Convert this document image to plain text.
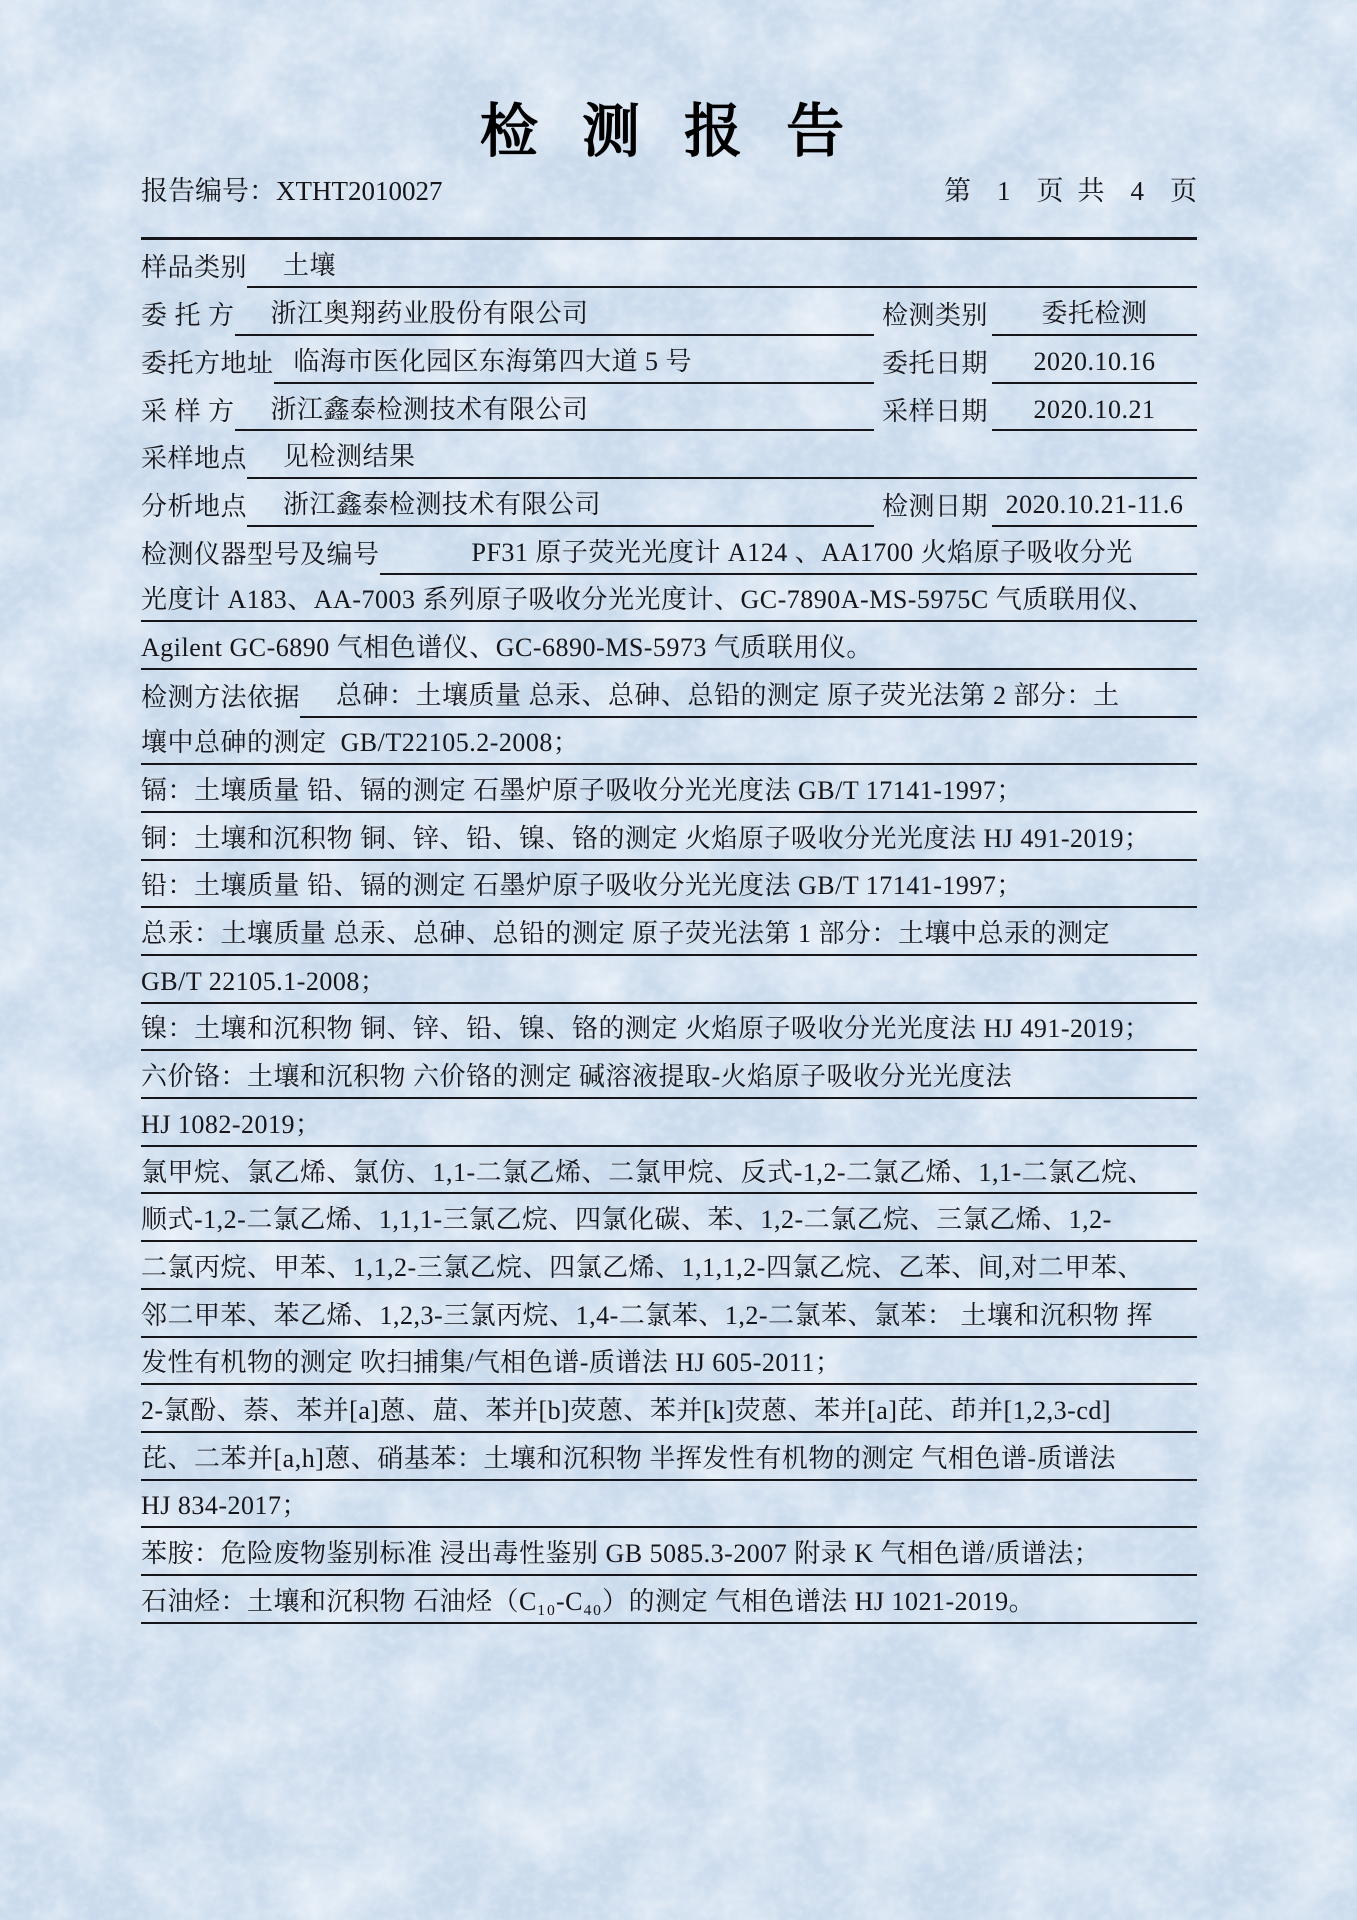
检 测 报 告
报告编号：XTHT2010027	第 1 页 共 4 页
样品类别	土壤
委 托 方	浙江奥翔药业股份有限公司	检测类别	委托检测
委托方地址 临海市医化园区东海第四大道 5 号	委托日期	2020.10.16
采 样 方	浙江鑫泰检测技术有限公司	采样日期	2020.10.21
采样地点	见检测结果
分析地点	浙江鑫泰检测技术有限公司	检测日期 2020.10.21-11.6
检测仪器型号及编号	PF31 原子荧光光度计 A124 、AA1700 火焰原子吸收分光
光度计 A183、AA-7003 系列原子吸收分光光度计、GC-7890A-MS-5975C 气质联用仪、
Agilent GC-6890 气相色谱仪、GC-6890-MS-5973 气质联用仪。
检测方法依据	总砷：土壤质量 总汞、总砷、总铅的测定 原子荧光法第 2 部分：土
壤中总砷的测定  GB/T22105.2-2008；
镉：土壤质量 铅、镉的测定 石墨炉原子吸收分光光度法 GB/T 17141-1997；
铜：土壤和沉积物 铜、锌、铅、镍、铬的测定 火焰原子吸收分光光度法 HJ 491-2019；
铅：土壤质量 铅、镉的测定 石墨炉原子吸收分光光度法 GB/T 17141-1997；
总汞：土壤质量 总汞、总砷、总铅的测定 原子荧光法第 1 部分：土壤中总汞的测定
GB/T 22105.1-2008；
镍：土壤和沉积物 铜、锌、铅、镍、铬的测定 火焰原子吸收分光光度法 HJ 491-2019；
六价铬：土壤和沉积物 六价铬的测定 碱溶液提取-火焰原子吸收分光光度法
HJ 1082-2019；
氯甲烷、氯乙烯、氯仿、1,1-二氯乙烯、二氯甲烷、反式-1,2-二氯乙烯、1,1-二氯乙烷、
顺式-1,2-二氯乙烯、1,1,1-三氯乙烷、四氯化碳、苯、1,2-二氯乙烷、三氯乙烯、1,2-
二氯丙烷、甲苯、1,1,2-三氯乙烷、四氯乙烯、1,1,1,2-四氯乙烷、乙苯、间,对二甲苯、
邻二甲苯、苯乙烯、1,2,3-三氯丙烷、1,4-二氯苯、1,2-二氯苯、氯苯： 土壤和沉积物 挥
发性有机物的测定 吹扫捕集/气相色谱-质谱法 HJ 605-2011；
2-氯酚、萘、苯并[a]蒽、䓛、苯并[b]荧蒽、苯并[k]荧蒽、苯并[a]芘、茚并[1,2,3-cd]
芘、二苯并[a,h]蒽、硝基苯：土壤和沉积物 半挥发性有机物的测定 气相色谱-质谱法
HJ 834-2017；
苯胺：危险废物鉴别标准 浸出毒性鉴别 GB 5085.3-2007 附录 K 气相色谱/质谱法；
石油烃：土壤和沉积物 石油烃（C₁₀-C₄₀）的测定 气相色谱法 HJ 1021-2019。
